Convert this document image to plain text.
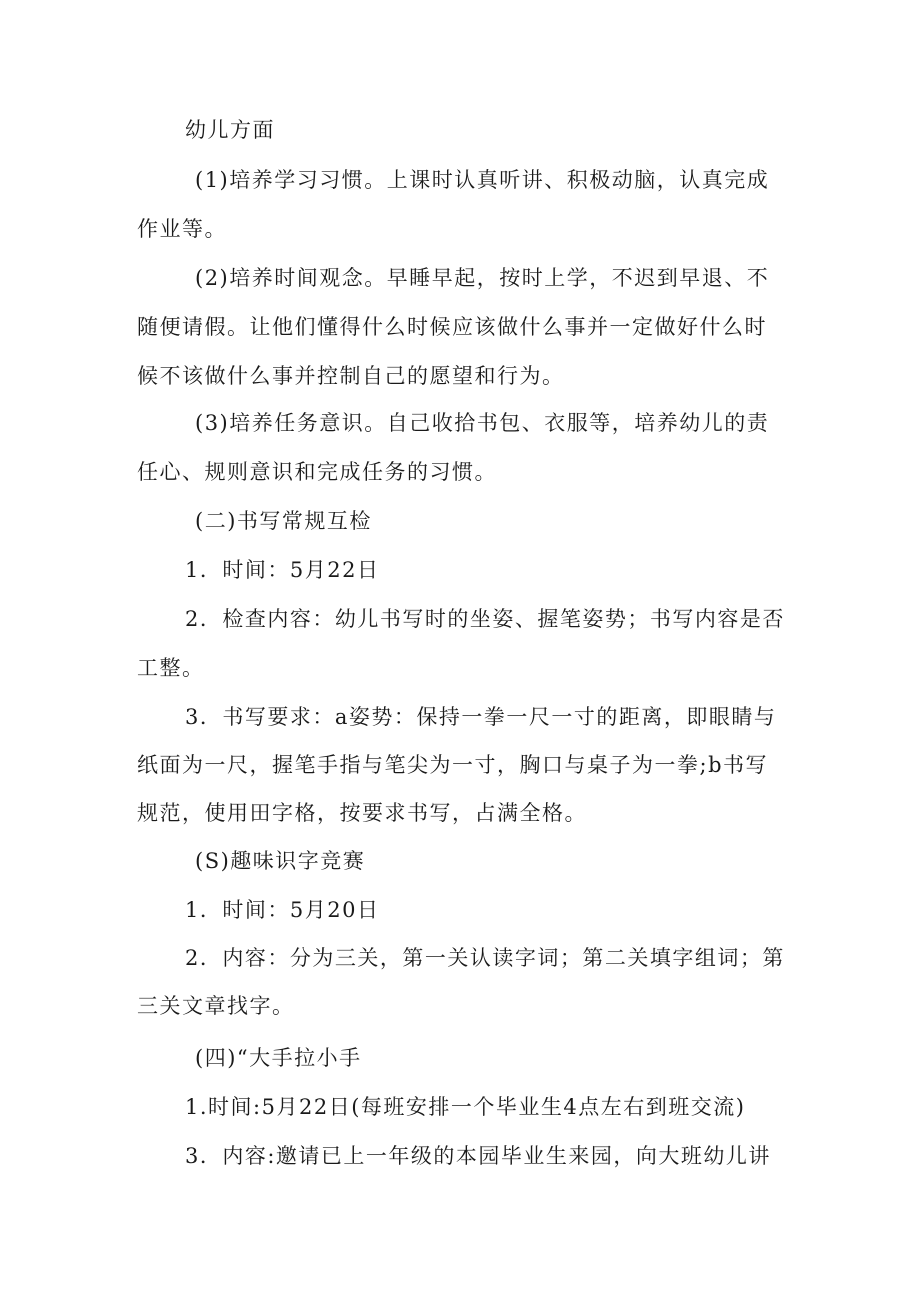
幼儿方面
(1)培养学习习惯。上课时认真听讲、积极动脑，认真完成
作业等。
(2)培养时间观念。早睡早起，按时上学，不迟到早退、不
随便请假。让他们懂得什么时候应该做什么事并一定做好什么时
候不该做什么事并控制自己的愿望和行为。
(3)培养任务意识。自己收拾书包、衣服等，培养幼儿的责
任心、规则意识和完成任务的习惯。
(二)书写常规互检
1．时间：5月22日
2．检查内容：幼儿书写时的坐姿、握笔姿势；书写内容是否
工整。
3．书写要求：a姿势：保持一拳一尺一寸的距离，即眼睛与
纸面为一尺，握笔手指与笔尖为一寸，胸口与桌子为一拳;b书写
规范，使用田字格，按要求书写，占满全格。
(S)趣味识字竞赛
1．时间：5月20日
2．内容：分为三关，第一关认读字词；第二关填字组词；第
三关文章找字。
(四)“大手拉小手
1.时间:5月22日(每班安排一个毕业生4点左右到班交流)
3．内容:邀请已上一年级的本园毕业生来园，向大班幼儿讲
